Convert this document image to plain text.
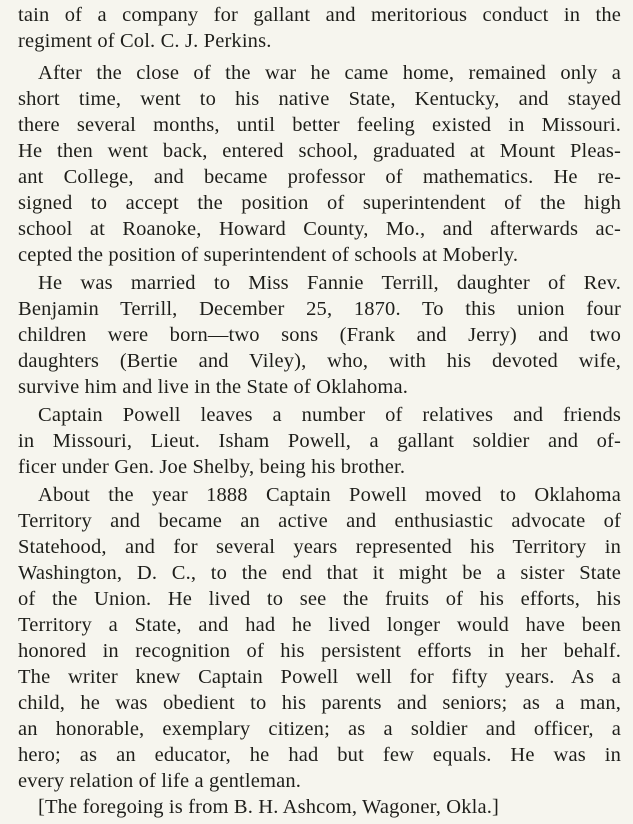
tain of a company for gallant and meritorious conduct in the
regiment of Col. C. J. Perkins.
After the close of the war he came home, remained only a
short time, went to his native State, Kentucky, and stayed
there several months, until better feeling existed in Missouri.
He then went back, entered school, graduated at Mount Pleas-
ant College, and became professor of mathematics. He re-
signed to accept the position of superintendent of the high
school at Roanoke, Howard County, Mo., and afterwards ac-
cepted the position of superintendent of schools at Moberly.
He was married to Miss Fannie Terrill, daughter of Rev.
Benjamin Terrill, December 25, 1870. To this union four
children were born—two sons (Frank and Jerry) and two
daughters (Bertie and Viley), who, with his devoted wife,
survive him and live in the State of Oklahoma.
Captain Powell leaves a number of relatives and friends
in Missouri, Lieut. Isham Powell, a gallant soldier and of-
ficer under Gen. Joe Shelby, being his brother.
About the year 1888 Captain Powell moved to Oklahoma
Territory and became an active and enthusiastic advocate of
Statehood, and for several years represented his Territory in
Washington, D. C., to the end that it might be a sister State
of the Union. He lived to see the fruits of his efforts, his
Territory a State, and had he lived longer would have been
honored in recognition of his persistent efforts in her behalf.
The writer knew Captain Powell well for fifty years. As a
child, he was obedient to his parents and seniors; as a man,
an honorable, exemplary citizen; as a soldier and officer, a
hero; as an educator, he had but few equals. He was in
every relation of life a gentleman.
[The foregoing is from B. H. Ashcom, Wagoner, Okla.]
